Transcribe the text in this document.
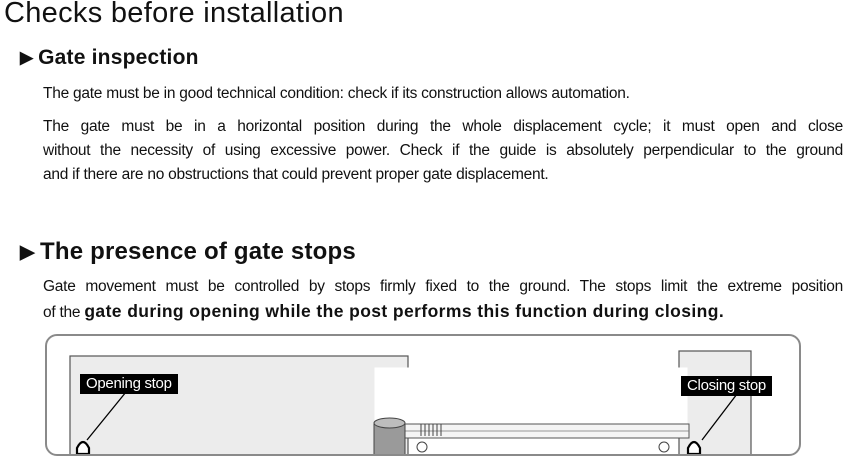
Checks before installation
▶ Gate inspection

The gate must be in good technical condition: check if its construction allows automation.

The gate must be in a horizontal position during the whole displacement cycle; it must open and close
without the necessity of using excessive power. Check if the guide is absolutely perpendicular to the ground
and if there are no obstructions that could prevent proper gate displacement.

▶ The presence of gate stops

Gate movement must be controlled by stops firmly fixed to the ground. The stops limit the extreme position
of the gate during opening while the post performs this function during closing.

Opening stop	Closing stop
